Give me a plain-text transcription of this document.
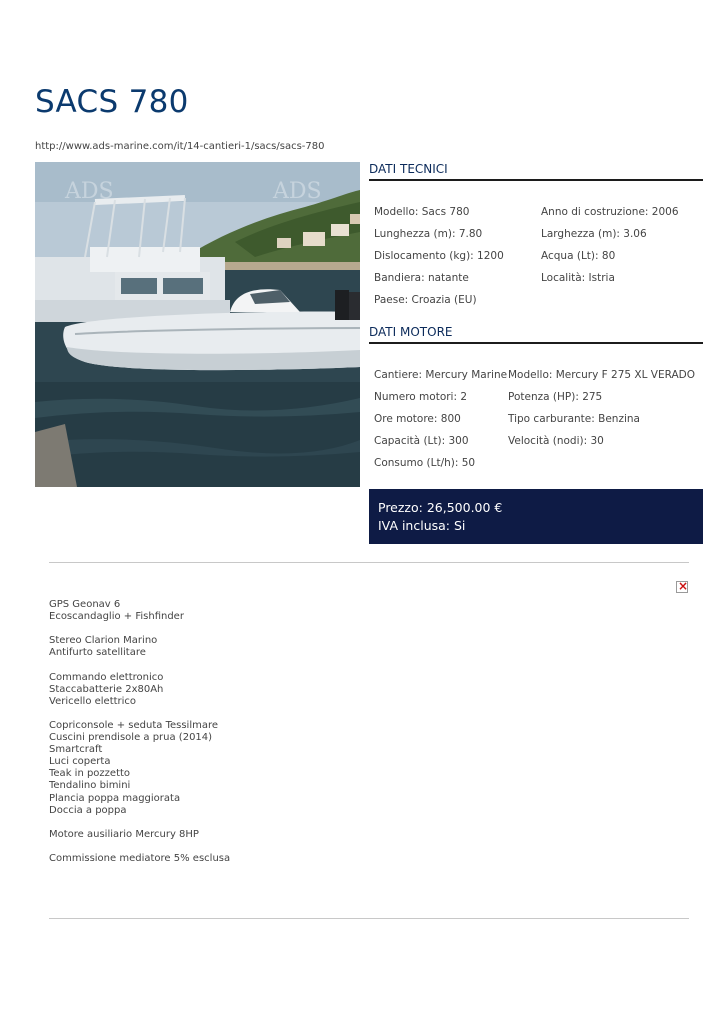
SACS 780
http://www.ads-marine.com/it/14-cantieri-1/sacs/sacs-780
ADS	ADS
DATI TECNICI
Modello: Sacs 780
Lunghezza (m): 7.80
Dislocamento (kg): 1200
Bandiera: natante
Paese: Croazia (EU)
Anno di costruzione: 2006
Larghezza (m): 3.06
Acqua (Lt): 80
Località: Istria
DATI MOTORE
Cantiere: Mercury Marine
Numero motori: 2
Ore motore: 800
Capacità (Lt): 300
Consumo (Lt/h): 50
Modello: Mercury F 275 XL VERADO
Potenza (HP): 275
Tipo carburante: Benzina
Velocità (nodi): 30
Prezzo: 26,500.00 €
IVA inclusa: Si
×
GPS Geonav 6
Ecoscandaglio + Fishfinder
Stereo Clarion Marino
Antifurto satellitare
Commando elettronico
Staccabatterie 2x80Ah
Vericello elettrico
Copriconsole + seduta Tessilmare
Cuscini prendisole a prua (2014)
Smartcraft
Luci coperta
Teak in pozzetto
Tendalino bimini
Plancia poppa maggiorata
Doccia a poppa
Motore ausiliario Mercury 8HP
Commissione mediatore 5% esclusa
